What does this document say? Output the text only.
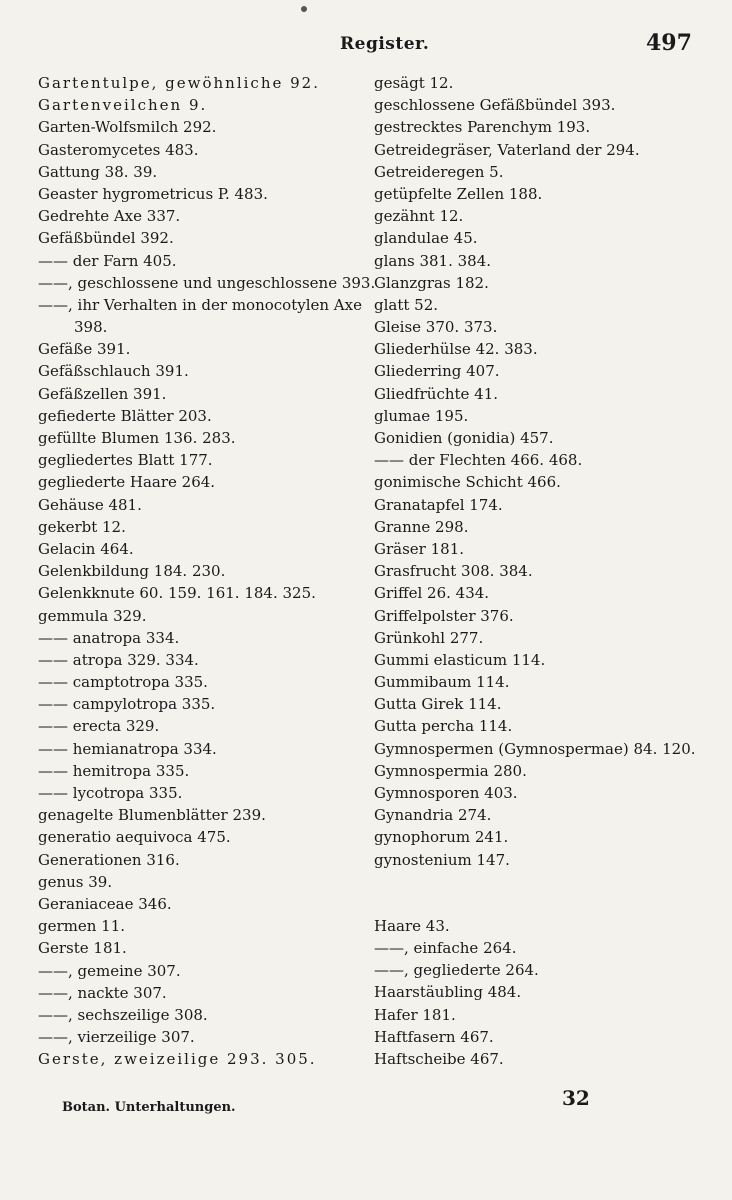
Register.	497
Gartentulpe, gewöhnliche 92.
Gartenveilchen 9.
Garten-Wolfsmilch 292.
Gasteromycetes 483.
Gattung 38. 39.
Geaster hygrometricus P. 483.
Gedrehte Axe 337.
Gefäßbündel 392.
—— der Farn 405.
——, geschlossene und ungeschlossene 393.
——, ihr Verhalten in der monocotylen Axe
398.
Gefäße 391.
Gefäßschlauch 391.
Gefäßzellen 391.
gefiederte Blätter 203.
gefüllte Blumen 136. 283.
gegliedertes Blatt 177.
gegliederte Haare 264.
Gehäuse 481.
gekerbt 12.
Gelacin 464.
Gelenkbildung 184. 230.
Gelenkknute 60. 159. 161. 184. 325.
gemmula 329.
—— anatropa 334.
—— atropa 329. 334.
—— camptotropa 335.
—— campylotropa 335.
—— erecta 329.
—— hemianatropa 334.
—— hemitropa 335.
—— lycotropa 335.
genagelte Blumenblätter 239.
generatio aequivoca 475.
Generationen 316.
genus 39.
Geraniaceae 346.
germen 11.
Gerste 181.
——, gemeine 307.
——, nackte 307.
——, sechszeilige 308.
——, vierzeilige 307.
Gerste, zweizeilige 293. 305.
gesägt 12.
geschlossene Gefäßbündel 393.
gestrecktes Parenchym 193.
Getreidegräser, Vaterland der 294.
Getreideregen 5.
getüpfelte Zellen 188.
gezähnt 12.
glandulae 45.
glans 381. 384.
Glanzgras 182.
glatt 52.
Gleise 370. 373.
Gliederhülse 42. 383.
Gliederring 407.
Gliedfrüchte 41.
glumae 195.
Gonidien (gonidia) 457.
—— der Flechten 466. 468.
gonimische Schicht 466.
Granatapfel 174.
Granne 298.
Gräser 181.
Grasfrucht 308. 384.
Griffel 26. 434.
Griffelpolster 376.
Grünkohl 277.
Gummi elasticum 114.
Gummibaum 114.
Gutta Girek 114.
Gutta percha 114.
Gymnospermen (Gymnospermae) 84. 120.
Gymnospermia 280.
Gymnosporen 403.
Gynandria 274.
gynophorum 241.
gynostenium 147.
Haare 43.
——, einfache 264.
——, gegliederte 264.
Haarstäubling 484.
Hafer 181.
Haftfasern 467.
Haftscheibe 467.
Botan. Unterhaltungen.	32
